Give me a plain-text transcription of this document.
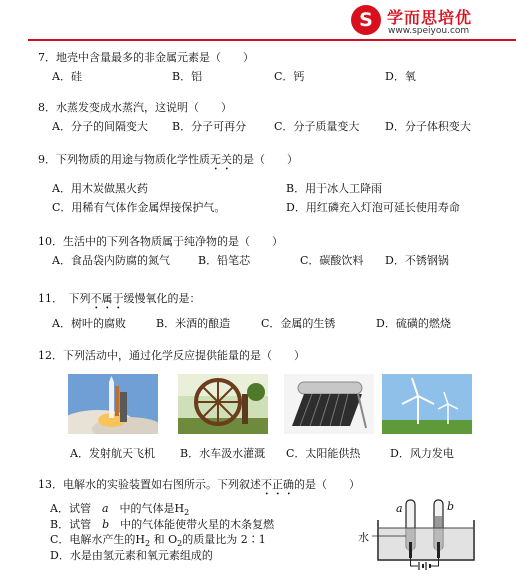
S 学而思培优
www.speiyou.com
7．地壳中含量最多的非金属元素是（　　）
A．硅	B．铝	C．钙	D．氧
8．水蒸发变成水蒸汽，这说明（　　）
A．分子的间隔变大 B．分子可再分	C．分子质量变大 D．分子体积变大
9．下列物质的用途与物质化学性质无关的是（　　）
A．用木炭做黑火药	B．用于冰人工降雨
C．用稀有气体作金属焊接保护气。	D．用红磷充入灯泡可延长使用寿命
10．生活中的下列各物质属于纯净物的是（　　）
A．食品袋内防腐的氮气	B．铅笔芯	C．碳酸饮料 D．不锈钢锅
11．　下列不属于缓慢氧化的是：
A．树叶的腐败	B．米酒的酿造	C．金属的生锈	D．硫磺的燃烧
12．下列活动中，通过化学反应提供能量的是（　　）
A．发射航天飞机 B．水车汲水灌溉 C．太阳能供热	D．风力发电
13．电解水的实验装置如右图所示。下列叙述不正确的是（　　）
A．试管　 a　 中的气体是$H_2$
B．试管　 b　 中的气体能使带火星的木条复燃
C．电解水产生的$H_2$ 和 $O_2$的质量比为 2∶1
D．水是由氢元素和氧元素组成的
a	b
水
